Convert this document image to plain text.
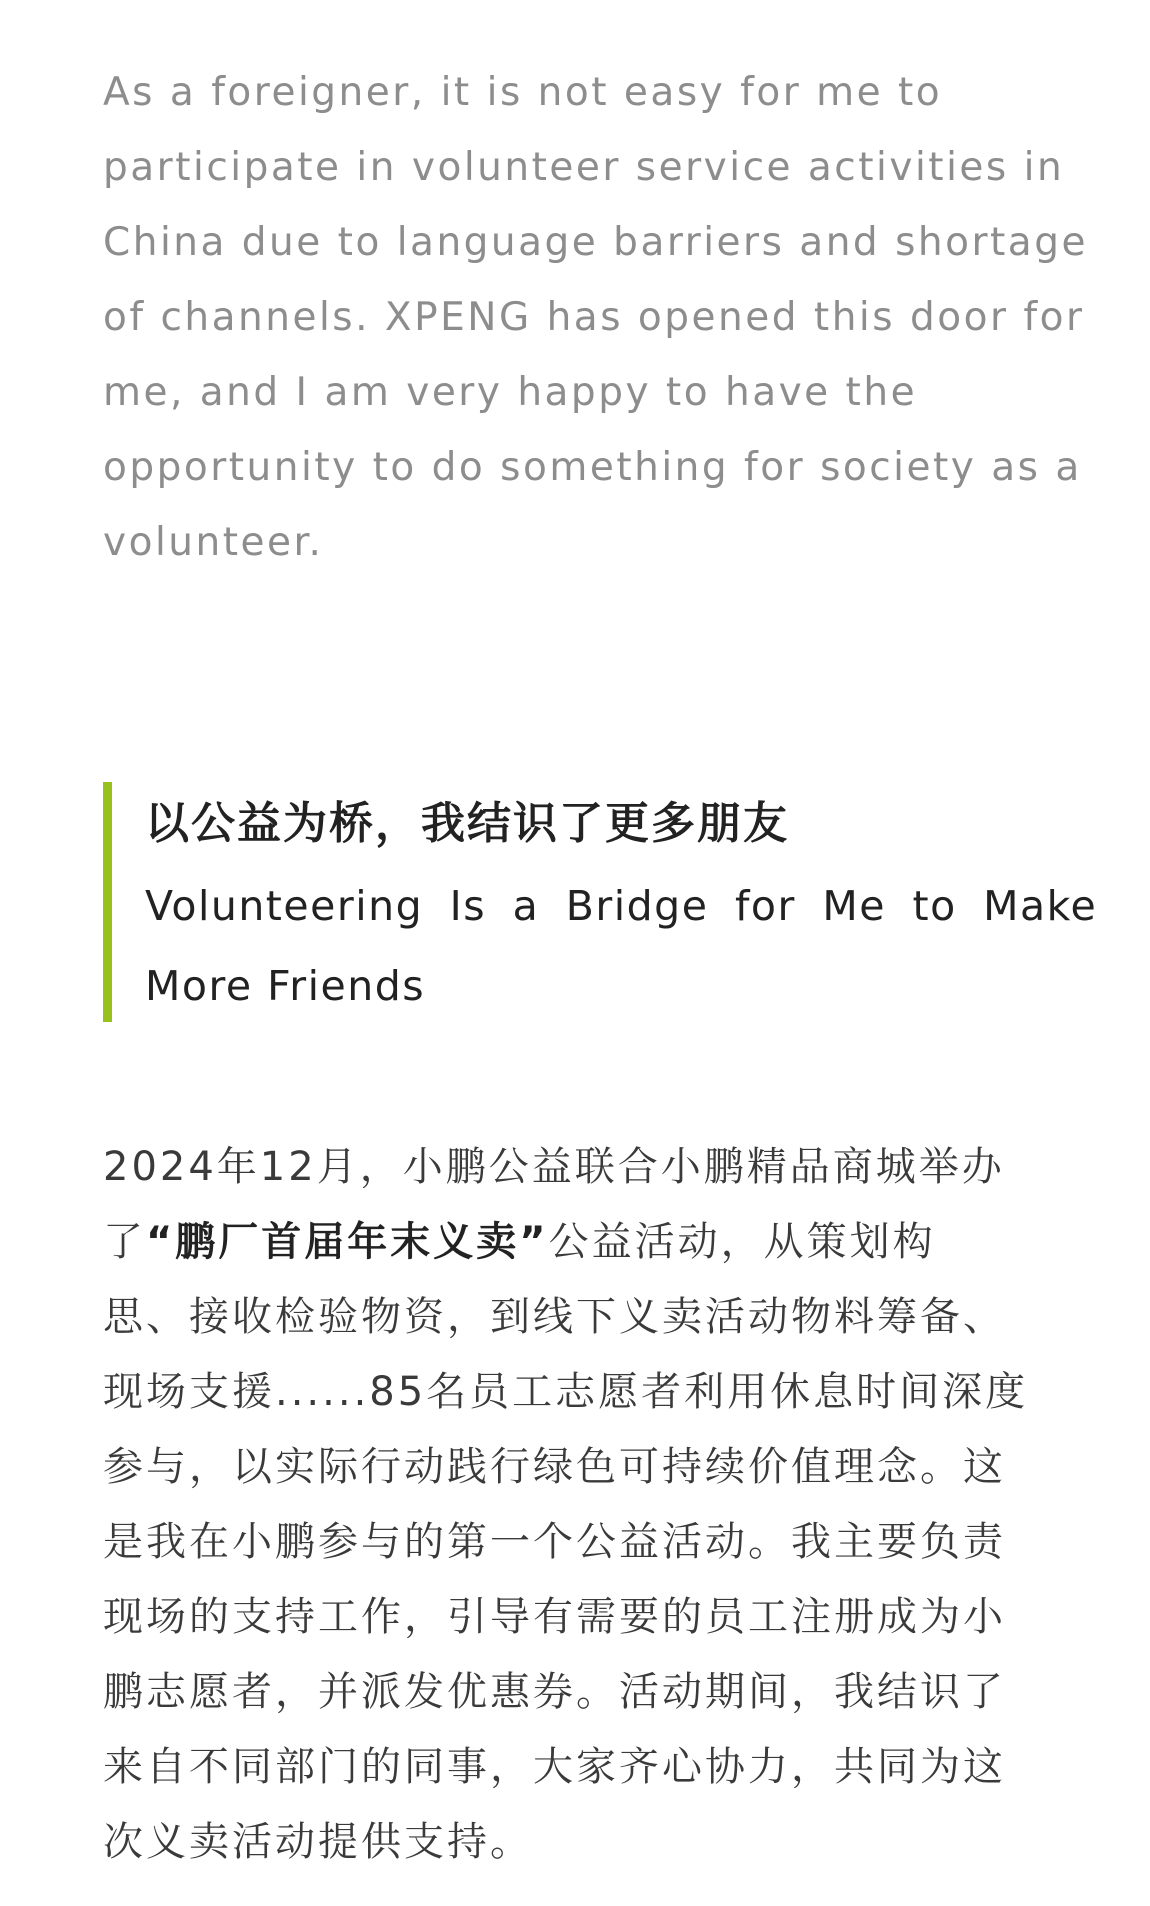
As a foreigner, it is not easy for me to
participate in volunteer service activities in
China due to language barriers and shortage
of channels. XPENG has opened this door for
me, and I am very happy to have the
opportunity to do something for society as a
volunteer.

以公益为桥，我结识了更多朋友

Volunteering Is a Bridge for Me to Make
More Friends

2024年12月，小鹏公益联合小鹏精品商城举办
了“鹏厂首届年末义卖”公益活动，从策划构
思、接收检验物资，到线下义卖活动物料筹备、
现场支援......85名员工志愿者利用休息时间深度
参与，以实际行动践行绿色可持续价值理念。这
是我在小鹏参与的第一个公益活动。我主要负责
现场的支持工作，引导有需要的员工注册成为小
鹏志愿者，并派发优惠券。活动期间，我结识了
来自不同部门的同事，大家齐心协力，共同为这
次义卖活动提供支持。
